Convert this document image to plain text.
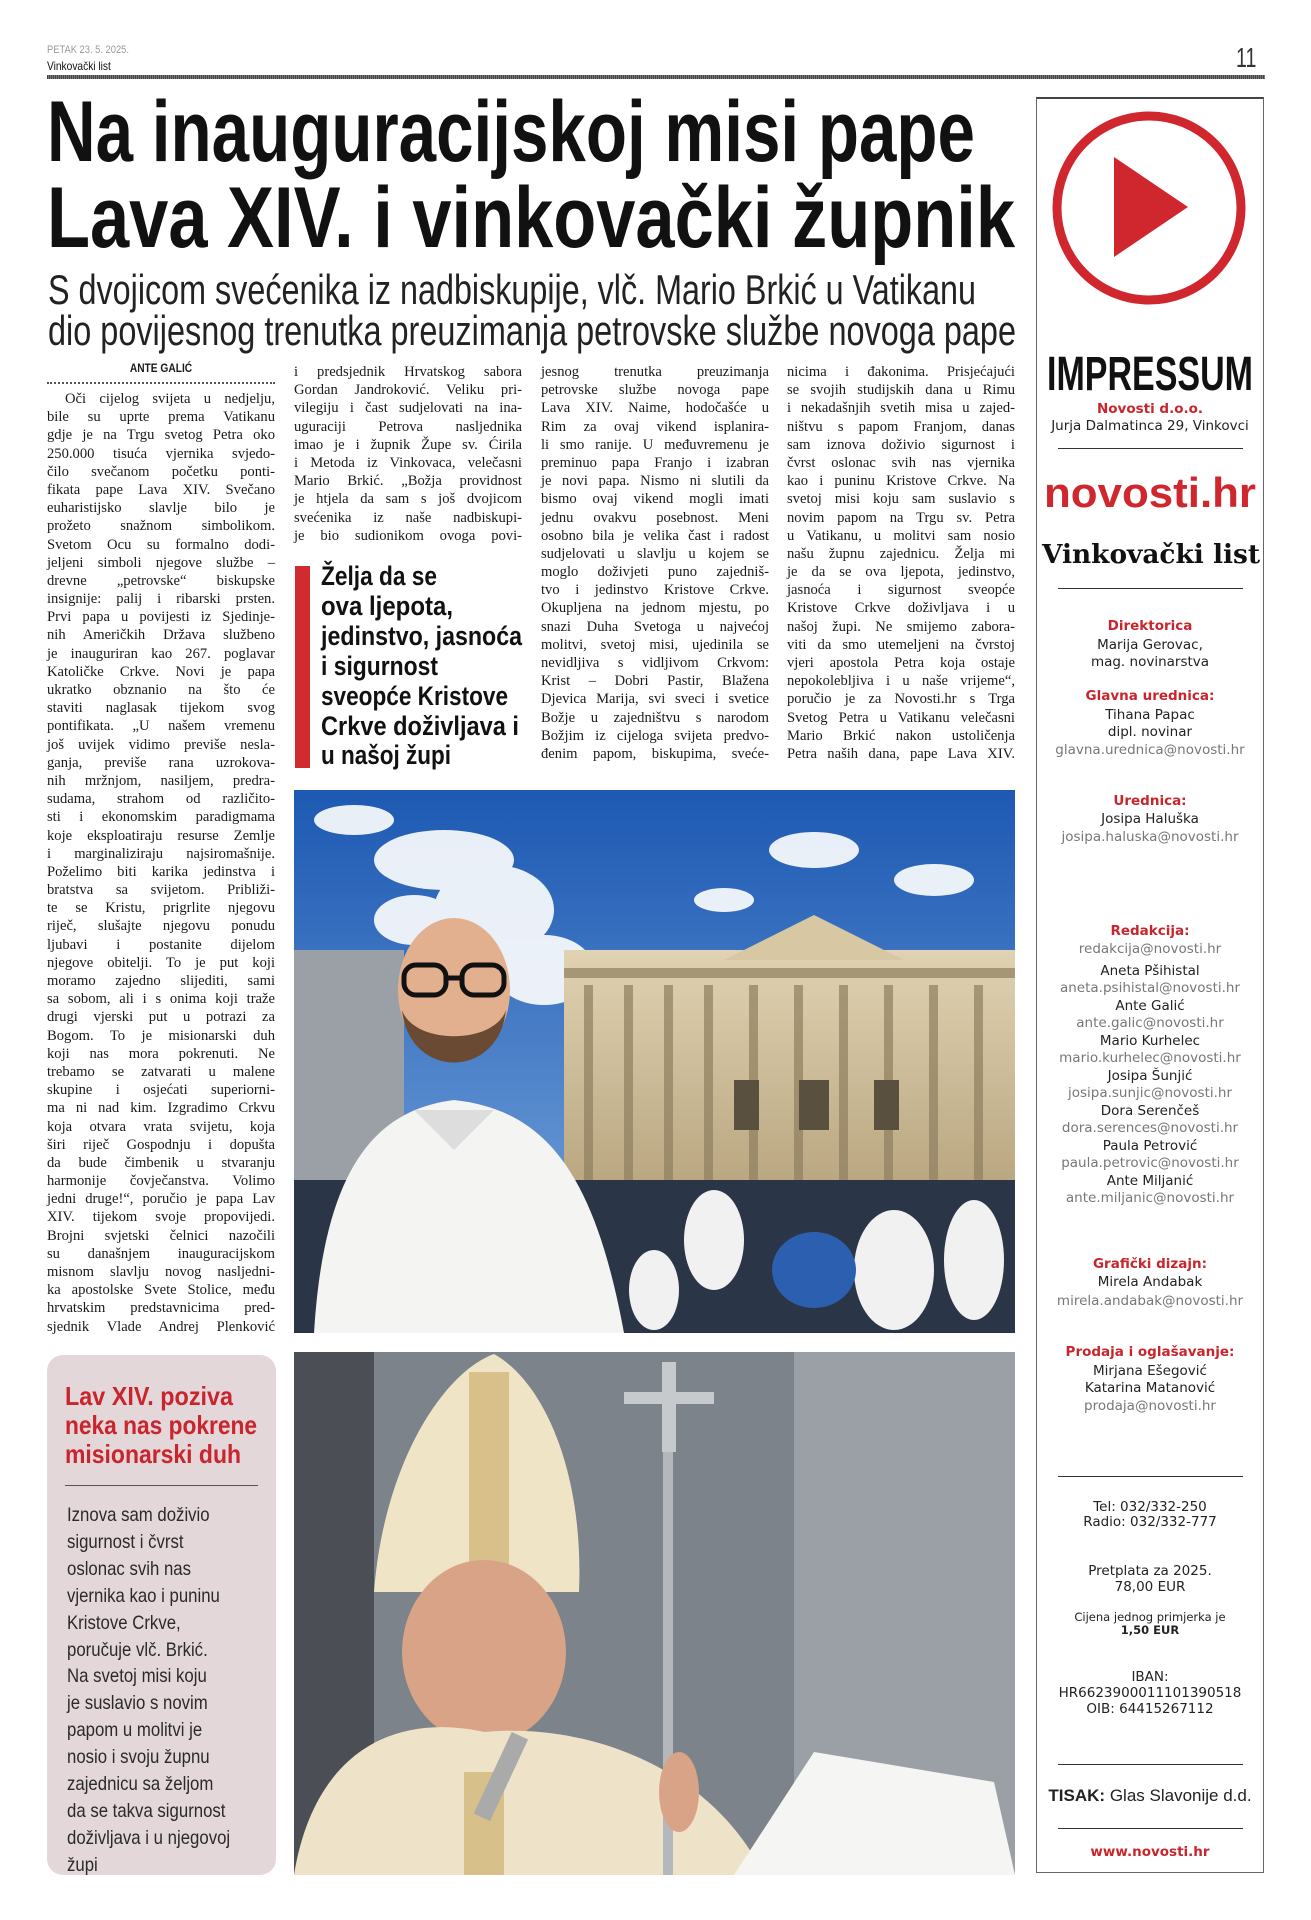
PETAK 23. 5. 2025.
Vinkovački list	11
Na inauguracijskoj misi pape
Lava XIV. i vinkovački župnik
S dvojicom svećenika iz nadbiskupije, vlč. Mario Brkić u Vatikanu
dio povijesnog trenutka preuzimanja petrovske službe novoga pape
ANTE GALIĆ
Oči cijelog svijeta u nedjelju,
bile su uprte prema Vatikanu
gdje je na Trgu svetog Petra oko
250.000 tisuća vjernika svjedo-
čilo svečanom početku ponti-
fikata pape Lava XIV. Svečano
euharistijsko slavlje bilo je
prožeto snažnom simbolikom.
Svetom Ocu su formalno dodi-
jeljeni simboli njegove službe –
drevne „petrovske“ biskupske
insignije: palij i ribarski prsten.
Prvi papa u povijesti iz Sjedinje-
nih Američkih Država službeno
je inauguriran kao 267. poglavar
Katoličke Crkve. Novi je papa
ukratko obznanio na što će
staviti naglasak tijekom svog
pontifikata. „U našem vremenu
još uvijek vidimo previše nesla-
ganja, previše rana uzrokova-
nih mržnjom, nasiljem, predra-
sudama, strahom od različito-
sti i ekonomskim paradigmama
koje eksploatiraju resurse Zemlje
i marginaliziraju najsiromašnije.
Poželimo biti karika jedinstva i
bratstva sa svijetom. Približi-
te se Kristu, prigrlite njegovu
riječ, slušajte njegovu ponudu
ljubavi i postanite dijelom
njegove obitelji. To je put koji
moramo zajedno slijediti, sami
sa sobom, ali i s onima koji traže
drugi vjerski put u potrazi za
Bogom. To je misionarski duh
koji nas mora pokrenuti. Ne
trebamo se zatvarati u malene
skupine i osjećati superiorni-
ma ni nad kim. Izgradimo Crkvu
koja otvara vrata svijetu, koja
širi riječ Gospodnju i dopušta
da bude čimbenik u stvaranju
harmonije čovječanstva. Volimo
jedni druge!“, poručio je papa Lav
XIV. tijekom svoje propovijedi.
Brojni svjetski čelnici nazočili
su današnjem inauguracijskom
misnom slavlju novog nasljedni-
ka apostolske Svete Stolice, među
hrvatskim predstavnicima pred-
sjednik Vlade Andrej Plenković
i predsjednik Hrvatskog sabora
Gordan Jandroković. Veliku pri-
vilegiju i čast sudjelovati na ina-
uguraciji Petrova nasljednika
imao je i župnik Župe sv. Ćirila
i Metoda iz Vinkovaca, velečasni
Mario Brkić. „Božja providnost
je htjela da sam s još dvojicom
svećenika iz naše nadbiskupi-
je bio sudionikom ovoga povi-
jesnog trenutka preuzimanja
petrovske službe novoga pape
Lava XIV. Naime, hodočašće u
Rim za ovaj vikend isplanira-
li smo ranije. U međuvremenu je
preminuo papa Franjo i izabran
je novi papa. Nismo ni slutili da
bismo ovaj vikend mogli imati
jednu ovakvu posebnost. Meni
osobno bila je velika čast i radost
sudjelovati u slavlju u kojem se
moglo doživjeti puno zajedniš-
tvo i jedinstvo Kristove Crkve.
Okupljena na jednom mjestu, po
snazi Duha Svetoga u najvećoj
molitvi, svetoj misi, ujedinila se
nevidljiva s vidljivom Crkvom:
Krist – Dobri Pastir, Blažena
Djevica Marija, svi sveci i svetice
Božje u zajedništvu s narodom
Božjim iz cijeloga svijeta predvo-
đenim papom, biskupima, sveće-
nicima i đakonima. Prisjećajući
se svojih studijskih dana u Rimu
i nekadašnjih svetih misa u zajed-
ništvu s papom Franjom, danas
sam iznova doživio sigurnost i
čvrst oslonac svih nas vjernika
kao i puninu Kristove Crkve. Na
svetoj misi koju sam suslavio s
novim papom na Trgu sv. Petra
u Vatikanu, u molitvi sam nosio
našu župnu zajednicu. Želja mi
je da se ova ljepota, jedinstvo,
jasnoća i sigurnost sveopće
Kristove Crkve doživljava i u
našoj župi. Ne smijemo zabora-
viti da smo utemeljeni na čvrstoj
vjeri apostola Petra koja ostaje
nepokolebljiva i u naše vrijeme“,
poručio je za Novosti.hr s Trga
Svetog Petra u Vatikanu velečasni
Mario Brkić nakon ustoličenja
Petra naših dana, pape Lava XIV.
Želja da se
ova ljepota,
jedinstvo, jasnoća
i sigurnost
sveopće Kristove
Crkve doživljava i
u našoj župi
Lav XIV. poziva
neka nas pokrene
misionarski duh
Iznova sam doživio
sigurnost i čvrst
oslonac svih nas
vjernika kao i puninu
Kristove Crkve,
poručuje vlč. Brkić.
Na svetoj misi koju
je suslavio s novim
papom u molitvi je
nosio i svoju župnu
zajednicu sa željom
da se takva sigurnost
doživljava i u njegovoj
župi
IMPRESSUM
Novosti d.o.o.
Jurja Dalmatinca 29, Vinkovci
novosti.hr
Vinkovački list
Direktorica
Marija Gerovac,
mag. novinarstva
Glavna urednica:
Tihana Papac
dipl. novinar
glavna.urednica@novosti.hr
Urednica:
Josipa Haluška
josipa.haluska@novosti.hr
Redakcija:
redakcija@novosti.hr
Aneta Pšihistal
aneta.psihistal@novosti.hr
Ante Galić
ante.galic@novosti.hr
Mario Kurhelec
mario.kurhelec@novosti.hr
Josipa Šunjić
josipa.sunjic@novosti.hr
Dora Serenčeš
dora.serences@novosti.hr
Paula Petrović
paula.petrovic@novosti.hr
Ante Miljanić
ante.miljanic@novosti.hr
Grafički dizajn:
Mirela Andabak
mirela.andabak@novosti.hr
Prodaja i oglašavanje:
Mirjana Ešegović
Katarina Matanović
prodaja@novosti.hr
Tel: 032/332-250
Radio: 032/332-777
Pretplata za 2025.
78,00 EUR
Cijena jednog primjerka je
1,50 EUR
IBAN:
HR6623900011101390518
OIB: 64415267112
TISAK: Glas Slavonije d.d.
www.novosti.hr
